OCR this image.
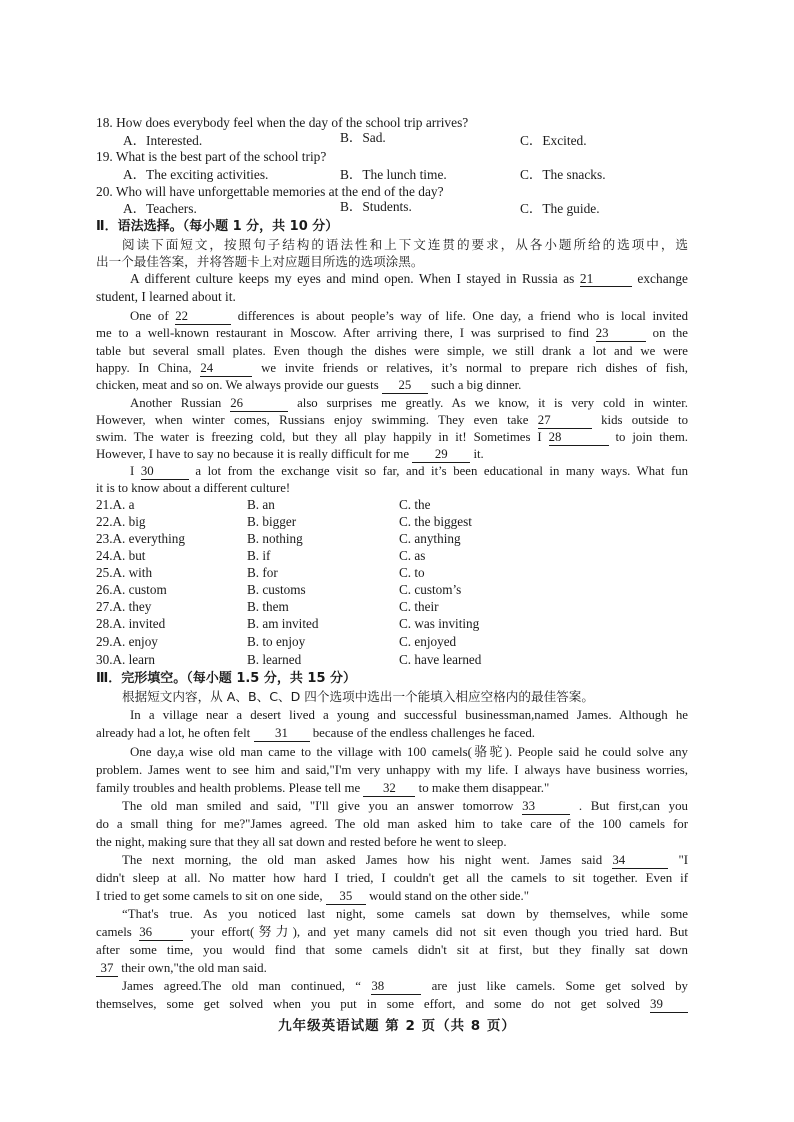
18. How does everybody feel when the day of the school trip arrives?
A．Interested.	B．Sad.	C．Excited.
19. What is the best part of the school trip?
A．The exciting activities.	B．The lunch time.	C．The snacks.
20. Who will have unforgettable memories at the end of the day?
A．Teachers.	B．Students.	C．The guide.
Ⅱ．语法选择。（每小题 1 分，共 10 分）
阅读下面短文，按照句子结构的语法性和上下文连贯的要求，从各小题所给的选项中，选
出一个最佳答案，并将答题卡上对应题目所选的选项涂黑。
A different culture keeps my eyes and mind open. When I stayed in Russia as 21	exchange
student, I learned about it.
One of 22	differences is about people’s way of life. One day, a friend who is local invited
me to a well-known restaurant in Moscow. After arriving there, I was surprised to find 23	on the
table but several small plates. Even though the dishes were simple, we still drank a lot and we were
happy. In China, 24	we invite friends or relatives, it’s normal to prepare rich dishes of fish,
chicken, meat and so on. We always provide our guests 25 such a big dinner.
Another Russian 26	also surprises me greatly. As we know, it is very cold in winter.
However, when winter comes, Russians enjoy swimming. They even take 27	kids outside to
swim. The water is freezing cold, but they all play happily in it! Sometimes I 28	to join them.
However, I have to say no because it is really difficult for me 29 it.
I 30	a lot from the exchange visit so far, and it’s been educational in many ways. What fun
it is to know about a different culture!
21.A. a	B. an	C. the
22.A. big	B. bigger	C. the biggest
23.A. everything	B. nothing	C. anything
24.A. but	B. if	C. as
25.A. with	B. for	C. to
26.A. custom	B. customs	C. custom’s
27.A. they	B. them	C. their
28.A. invited	B. am invited	C. was inviting
29.A. enjoy	B. to enjoy	C. enjoyed
30.A. learn	B. learned	C. have learned
Ⅲ．完形填空。（每小题 1.5 分，共 15 分）
根据短文内容，从 A、B、C、D 四个选项中选出一个能填入相应空格内的最佳答案。
In a village near a desert lived a young and successful businessman,named James. Although he
already had a lot, he often felt 31 because of the endless challenges he faced.
One day,a wise old man came to the village with 100 camels(骆驼). People said he could solve any
problem. James went to see him and said,"I'm very unhappy with my life. I always have business worries,
family troubles and health problems. Please tell me 32 to make them disappear."
The old man smiled and said, "I'll give you an answer tomorrow 33	. But first,can you
do a small thing for me?"James agreed. The old man asked him to take care of the 100 camels for
the night, making sure that they all sat down and rested before he went to sleep.
The next morning, the old man asked James how his night went. James said 34	"I
didn't sleep at all. No matter how hard I tried, I couldn't get all the camels to sit together. Even if
I tried to get some camels to sit on one side, 35 would stand on the other side."
“That's true. As you noticed last night, some camels sat down by themselves, while some
camels 36	your effort(努力), and yet many camels did not sit even though you tried hard. But
after some time, you would find that some camels didn't sit at first, but they finally sat down
37 their own,"the old man said.
James agreed.The old man continued, “ 38	are just like camels. Some get solved by
themselves, some get solved when you put in some effort, and some do not get solved 39
九年级英语试题 第 2 页（共 8 页）
